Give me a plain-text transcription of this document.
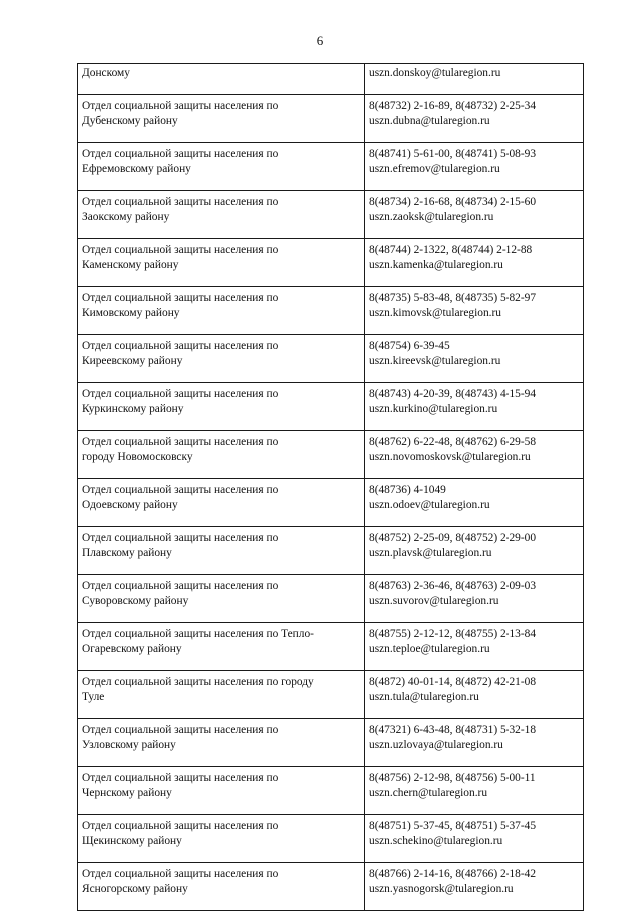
6
Донскому	uszn.donskoy@tularegion.ru

Отдел социальной защиты населения по
Дубенскому району	8(48732) 2-16-89, 8(48732) 2-25-34
uszn.dubna@tularegion.ru

Отдел социальной защиты населения по
Ефремовскому району	8(48741) 5-61-00, 8(48741) 5-08-93
uszn.efremov@tularegion.ru

Отдел социальной защиты населения по
Заокскому району	8(48734) 2-16-68, 8(48734) 2-15-60
uszn.zaoksk@tularegion.ru

Отдел социальной защиты населения по
Каменскому району	8(48744) 2-1322, 8(48744) 2-12-88
uszn.kamenka@tularegion.ru

Отдел социальной защиты населения по
Кимовскому району	8(48735) 5-83-48, 8(48735) 5-82-97
uszn.kimovsk@tularegion.ru

Отдел социальной защиты населения по
Киреевскому району	8(48754) 6-39-45
uszn.kireevsk@tularegion.ru

Отдел социальной защиты населения по
Куркинскому району	8(48743) 4-20-39, 8(48743) 4-15-94
uszn.kurkino@tularegion.ru

Отдел социальной защиты населения по
городу Новомосковску	8(48762) 6-22-48, 8(48762) 6-29-58
uszn.novomoskovsk@tularegion.ru

Отдел социальной защиты населения по
Одоевскому району	8(48736) 4-1049
uszn.odoev@tularegion.ru

Отдел социальной защиты населения по
Плавскому району	8(48752) 2-25-09, 8(48752) 2-29-00
uszn.plavsk@tularegion.ru

Отдел социальной защиты населения по
Суворовскому району	8(48763) 2-36-46, 8(48763) 2-09-03
uszn.suvorov@tularegion.ru

Отдел социальной защиты населения по Тепло-
Огаревскому району	8(48755) 2-12-12, 8(48755) 2-13-84
uszn.teploe@tularegion.ru

Отдел социальной защиты населения по городу
Туле	8(4872) 40-01-14, 8(4872) 42-21-08
uszn.tula@tularegion.ru

Отдел социальной защиты населения по
Узловскому району	8(47321) 6-43-48, 8(48731) 5-32-18
uszn.uzlovaya@tularegion.ru

Отдел социальной защиты населения по
Чернскому району	8(48756) 2-12-98, 8(48756) 5-00-11
uszn.chern@tularegion.ru

Отдел социальной защиты населения по
Щекинскому району	8(48751) 5-37-45, 8(48751) 5-37-45
uszn.schekino@tularegion.ru

Отдел социальной защиты населения по
Ясногорскому району	8(48766) 2-14-16, 8(48766) 2-18-42
uszn.yasnogorsk@tularegion.ru
